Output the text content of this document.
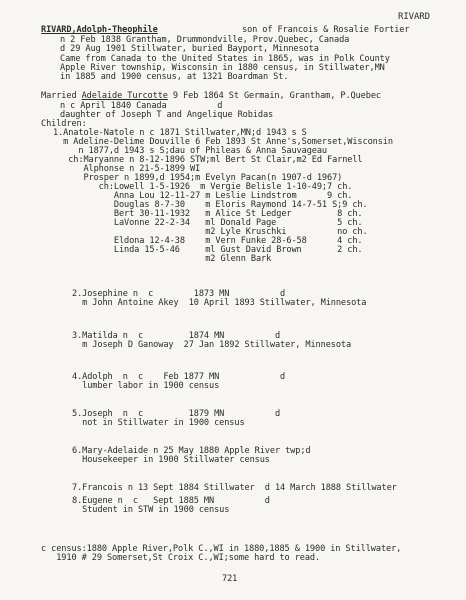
RIVARD
RIVARD,Adolph-Theophile	son of Francois & Rosalie Fortier
n 2 Feb 1838 Grantham, Drummondville, Prov.Quebec, Canada
d 29 Aug 1901 Stillwater, buried Bayport, Minnesota
Came from Canada to the United States in 1865, was in Polk County
Apple River township, Wisconsin in 1880 census, in Stillwater,MN
in 1885 and 1900 census, at 1321 Boardman St.
Married Adelaide Turcotte 9 Feb 1864 St Germain, Grantham, P.Quebec
n c April 1840 Canada          d
daughter of Joseph T and Angelique Robidas
Children:
1.Anatole-Natole n c 1871 Stillwater,MN;d 1943 s S
m Adeline-Delime Douville 6 Feb 1893 St Anne's,Somerset,Wisconsin
n 1877,d 1943 s S;dau of Phileas & Anna Sauvageau
ch:Maryanne n 8-12-1896 STW;ml Bert St Clair,m2 Ed Farnell
Alphonse n 21-5-1899 WI
Prosper n 1899,d 1954;m Evelyn Pacan(n 1907-d 1967)
ch:Lowell 1-5-1926  m Vergie Belisle 1-10-49;7 ch.
Anna Lou 12-11-27 m Leslie Lindstrom      9 ch.
Douglas 8-7-30    m Eloris Raymond 14-7-51 S;9 ch.
Bert 30-11-1932   m Alice St Ledger         8 ch.
LaVonne 22-2-34   ml Donald Page            5 ch.
m2 Lyle Kruschki          no ch.
Eldona 12-4-38    m Vern Funke 28-6-58      4 ch.
Linda 15-5-46     ml Gust David Brown       2 ch.
m2 Glenn Bark
2.Josephine n  c        1873 MN          d
m John Antoine Akey  10 April 1893 Stillwater, Minnesota
3.Matilda n  c         1874 MN          d
m Joseph D Ganoway  27 Jan 1892 Stillwater, Minnesota
4.Adolph  n  c    Feb 1877 MN            d
lumber labor in 1900 census
5.Joseph  n  c         1879 MN          d
not in Stillwater in 1900 census
6.Mary-Adelaide n 25 May 1880 Apple River twp;d
Housekeeper in 1900 Stillwater census
7.Francois n 13 Sept 1884 Stillwater  d 14 March 1888 Stillwater
8.Eugene n  c   Sept 1885 MN          d
Student in STW in 1900 census
c census:1880 Apple River,Polk C.,WI in 1880,1885 & 1900 in Stillwater,
1910 # 29 Somerset,St Croix C.,WI;some hard to read.
721
